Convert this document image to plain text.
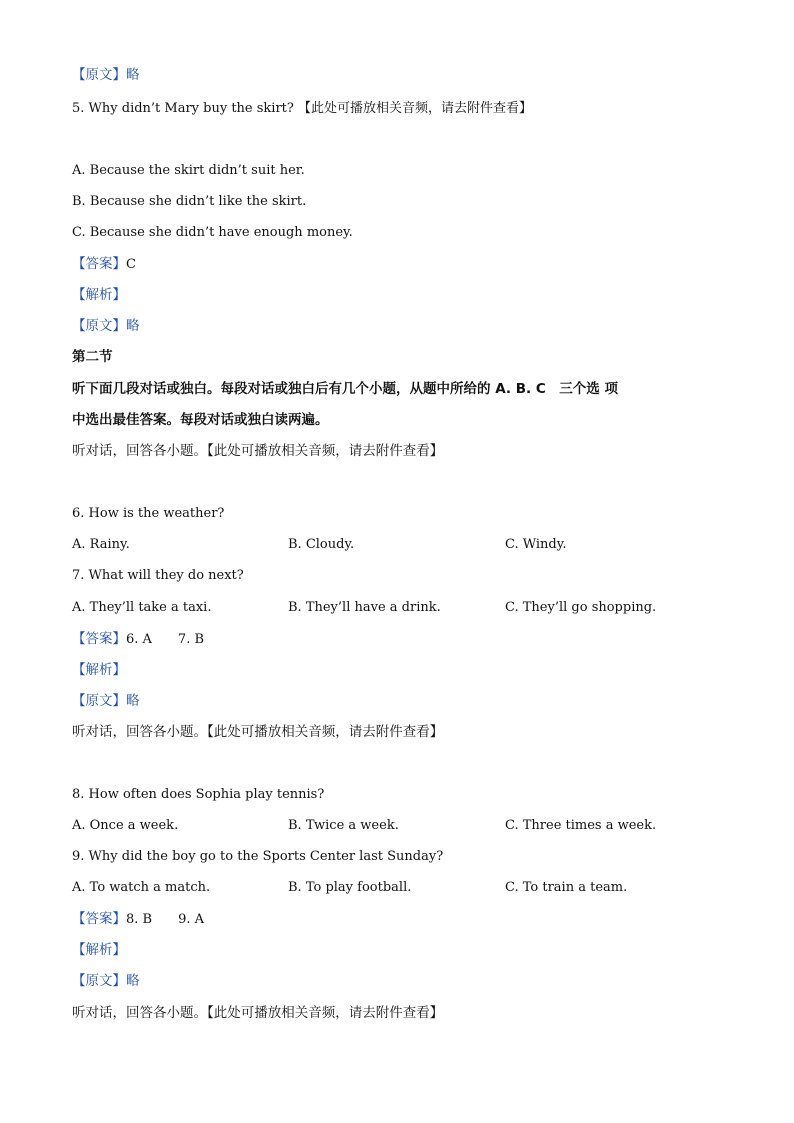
【原文】略
5. Why didn’t Mary buy the skirt? 【此处可播放相关音频，请去附件查看】
A. Because the skirt didn’t suit her.
B. Because she didn’t like the skirt.
C. Because she didn’t have enough money.
【答案】C
【解析】
【原文】略
第二节
听下面几段对话或独白。每段对话或独白后有几个小题，从题中所给的 A. B. C　三个选 项
中选出最佳答案。每段对话或独白读两遍。
听对话，回答各小题。【此处可播放相关音频，请去附件查看】
6. How is the weather?
A. Rainy.	B. Cloudy.	C. Windy.
7. What will they do next?
A. They’ll take a taxi.	B. They’ll have a drink.	C. They’ll go shopping.
【答案】6. A　　7. B
【解析】
【原文】略
听对话，回答各小题。【此处可播放相关音频，请去附件查看】
8. How often does Sophia play tennis?
A. Once a week.	B. Twice a week.	C. Three times a week.
9. Why did the boy go to the Sports Center last Sunday?
A. To watch a match.	B. To play football.	C. To train a team.
【答案】8. B　　9. A
【解析】
【原文】略
听对话，回答各小题。【此处可播放相关音频，请去附件查看】
